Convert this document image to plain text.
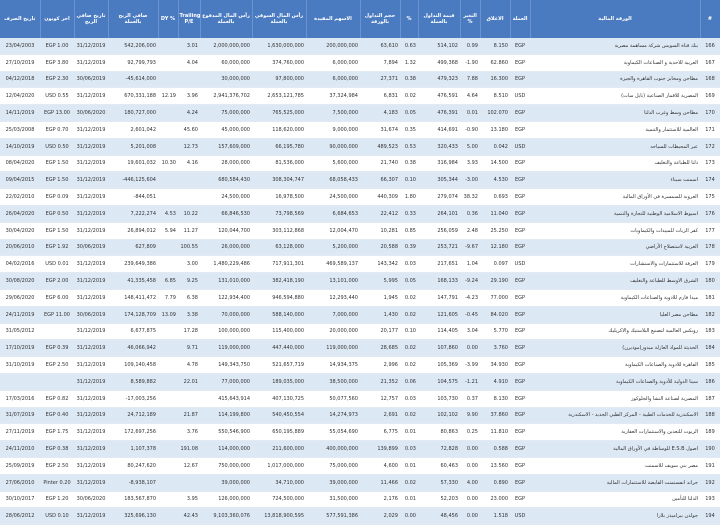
تاريخ الصرف	اخر كوبون	تاريخ صافي الربح	صافي الربح بالعملة	DY %	Trailing P/E	رأس المال المدفوع بالعملة	رأس المال السوقي بالعملة	الاسهم المقيدة	حجم التداول بالورقة	%	قيمة التداول بالعملة	التغير %	الاغلاق	العملة	الورقة المالية	#
23/04/2003	EGP 1.00	31/12/2019	542,206,000		3.01	2,000,000,000	1,630,000,000	200,000,000	63,610	0.63	514,102	0.99	8.150	EGP	بنك قناة السويس شركة مساهمة مصرية	166
27/10/2019	EGP 3.80	31/12/2019	92,799,793		4.04	60,000,000	374,760,000	6,000,000	7,894	1.32	499,368	-1.90	62.860	EGP	العربية للاحذية و الصناعات الكيماوية	167
04/12/2018	EGP 2.30	30/06/2019	-45,614,000			30,000,000	97,800,000	6,000,000	27,371	0.38	479,323	7.88	16.300	EGP	مطاحن ومخابز جنوب القاهرة والجيزة	168
12/04/2020	USD 0.55	31/12/2019	670,331,188	12.19	3.96	2,941,376,702	2,653,121,785	37,324,984	6,831	0.02	476,591	4.64	8.510	USD	المصرية للاقمار الصناعية (نايل سات)	169
14/11/2019	EGP 13.00	30/06/2020	180,727,000		4.24	75,000,000	765,525,000	7,500,000	4,183	0.05	476,391	0.01	102.070	EGP	مطاحن وسط وغرب الدلتا	170
25/03/2008	EGP 0.70	31/12/2019	2,601,042		45.60	45,000,000	118,620,000	9,000,000	31,674	0.35	414,691	-0.90	13.180	EGP	العالمية للاستثمار والتنمية	171
14/10/2019	USD 0.50	31/12/2019	5,201,008		12.73	157,609,000	66,195,780	90,000,000	489,523	0.53	320,433	5.00	0.042	USD	عبر المحيطات للسياحه	172
08/04/2020	EGP 1.50	31/12/2019	19,601,032	10.30	4.16	28,000,000	81,536,000	5,600,000	21,740	0.38	316,984	3.93	14.500	EGP	دلتا للطباعة والتغليف	173
09/04/2015	EGP 1.50	31/12/2019	-446,125,604			680,584,430	308,304,747	68,058,433	66,307	0.10	305,344	-3.00	4.530	EGP	اسمنت سيناء	174
22/02/2010	EGP 0.09	31/12/2019	-844,051			24,500,000	16,978,500	24,500,000	440,309	1.80	279,074	38.32	0.693	EGP	العروبة للسمسرة في الأوراق المالية	175
26/04/2020	EGP 0.50	31/12/2019	7,222,274	4.53	10.22	66,846,530	73,798,569	6,684,653	22,412	0.33	264,101	0.36	11.040	EGP	اسيوط الاسلامية الوطنية للتجارة والتنمية	176
30/04/2020	EGP 1.50	31/12/2019	26,894,012	5.94	11.27	120,044,700	303,112,868	12,004,470	10,281	0.85	256,059	2.48	25.250	EGP	كفر الزيات للمبيدات والكيماويات	177
20/06/2010	EGP 1.92	30/06/2019	627,809		100.55	26,000,000	63,128,000	5,200,000	20,588	0.39	253,721	-9.67	12.180	EGP	العربية لاستصلاح الأراضي	178
04/02/2016	USD 0.01	31/12/2019	239,649,386		3.00	1,480,229,486	717,911,301	469,589,137	143,342	0.03	217,651	1.04	0.097	USD	العرفة للاستثمارات والاستشارات	179
30/08/2020	EGP 2.00	31/12/2019	41,335,458	6.85	9.25	131,010,000	382,418,190	13,101,000	5,995	0.05	168,133	-9.24	29.190	EGP	الشرق الاوسط للطباعة والتغليف	180
29/06/2020	EGP 6.00	31/12/2019	148,411,472	7.79	6.38	122,934,400	946,594,880	12,293,440	1,945	0.02	147,791	-4.23	77.000	EGP	ميدا فارم للادوية والصناعات الكيماوية	181
24/11/2019	EGP 11.00	30/06/2019	174,128,709	13.09	3.38	70,000,000	588,140,000	7,000,000	1,430	0.02	121,605	-0.45	84.020	EGP	مطاحن مصر العليا	182
31/05/2012		31/12/2019	6,677,875		17.28	100,000,000	115,400,000	20,000,000	20,177	0.10	114,405	3.04	5.770	EGP	روبكس العالمية لتصنيع البلاستيك والاكريليك	183
17/10/2019	EGP 0.39	31/12/2019	46,066,942		9.71	119,000,000	447,440,000	119,000,000	28,685	0.02	107,860	0.00	3.760	EGP	الحديثة للمواد العازلة ميدور(موديرن)	184
31/10/2019	EGP 2.50	31/12/2019	109,140,458		4.78	149,343,750	521,657,719	14,934,375	2,996	0.02	105,369	-3.99	34.930	EGP	القاهرة للادوية والصناعات الكيماوية	185
		31/12/2019	8,589,882		22.01	77,000,000	189,035,000	38,500,000	21,352	0.06	104,575	-1.21	4.910	EGP	سينا الدولية للأدوية والصناعات الكيماوية	186
17/03/2016	EGP 0.82	31/12/2019	-17,003,256			415,643,914	407,130,725	50,077,560	12,757	0.03	103,730	0.37	8.130	EGP	المصرية لصناعة النشا والجلوكوز	187
31/07/2019	EGP 0.40	31/12/2019	24,712,189		21.87	114,199,800	540,450,554	14,274,973	2,691	0.02	102,102	9.90	37.860	EGP	الاسكندرية للخدمات الطبية - المركز الطبي الجديد - الاسكندرية	188
27/11/2019	EGP 1.75	31/12/2019	172,697,256		3.76	550,546,900	650,195,889	55,054,690	6,775	0.01	80,863	0.25	11.810	EGP	الزيوت للتعدين والاستثمارات العقارية	189
24/11/2010	EGP 0.38	31/12/2019	1,107,378		191.08	114,000,000	211,600,000	400,000,000	139,899	0.03	72,828	0.00	0.588	EGP	اصول E.S.B للوساطة في الأوراق المالية	190
25/09/2019	EGP 2.50	31/12/2019	80,247,620		12.67	750,000,000	1,017,000,000	75,000,000	4,600	0.01	60,463	0.00	13.560	EGP	مصر بني سويف للاسمنت	191
27/06/2010	Pinter 0.20	31/12/2019	-8,938,107			39,000,000	34,710,000	39,000,000	11,466	0.02	57,330	4.00	0.890	EGP	جراند انفستمنت القابضة للاستثمارات المالية	192
30/10/2017	EGP 1.20	30/06/2020	183,567,870		3.95	126,000,000	724,500,000	31,500,000	2,176	0.01	52,203	0.00	23.000	EGP	الدلتا للتأمين	193
28/06/2012	USD 0.10	31/12/2019	325,696,130		42.43	9,103,360,076	13,818,900,595	577,591,386	2,029	0.00	48,456	0.00	1.518	USD	جولدن بيراميدز بلازا	194
